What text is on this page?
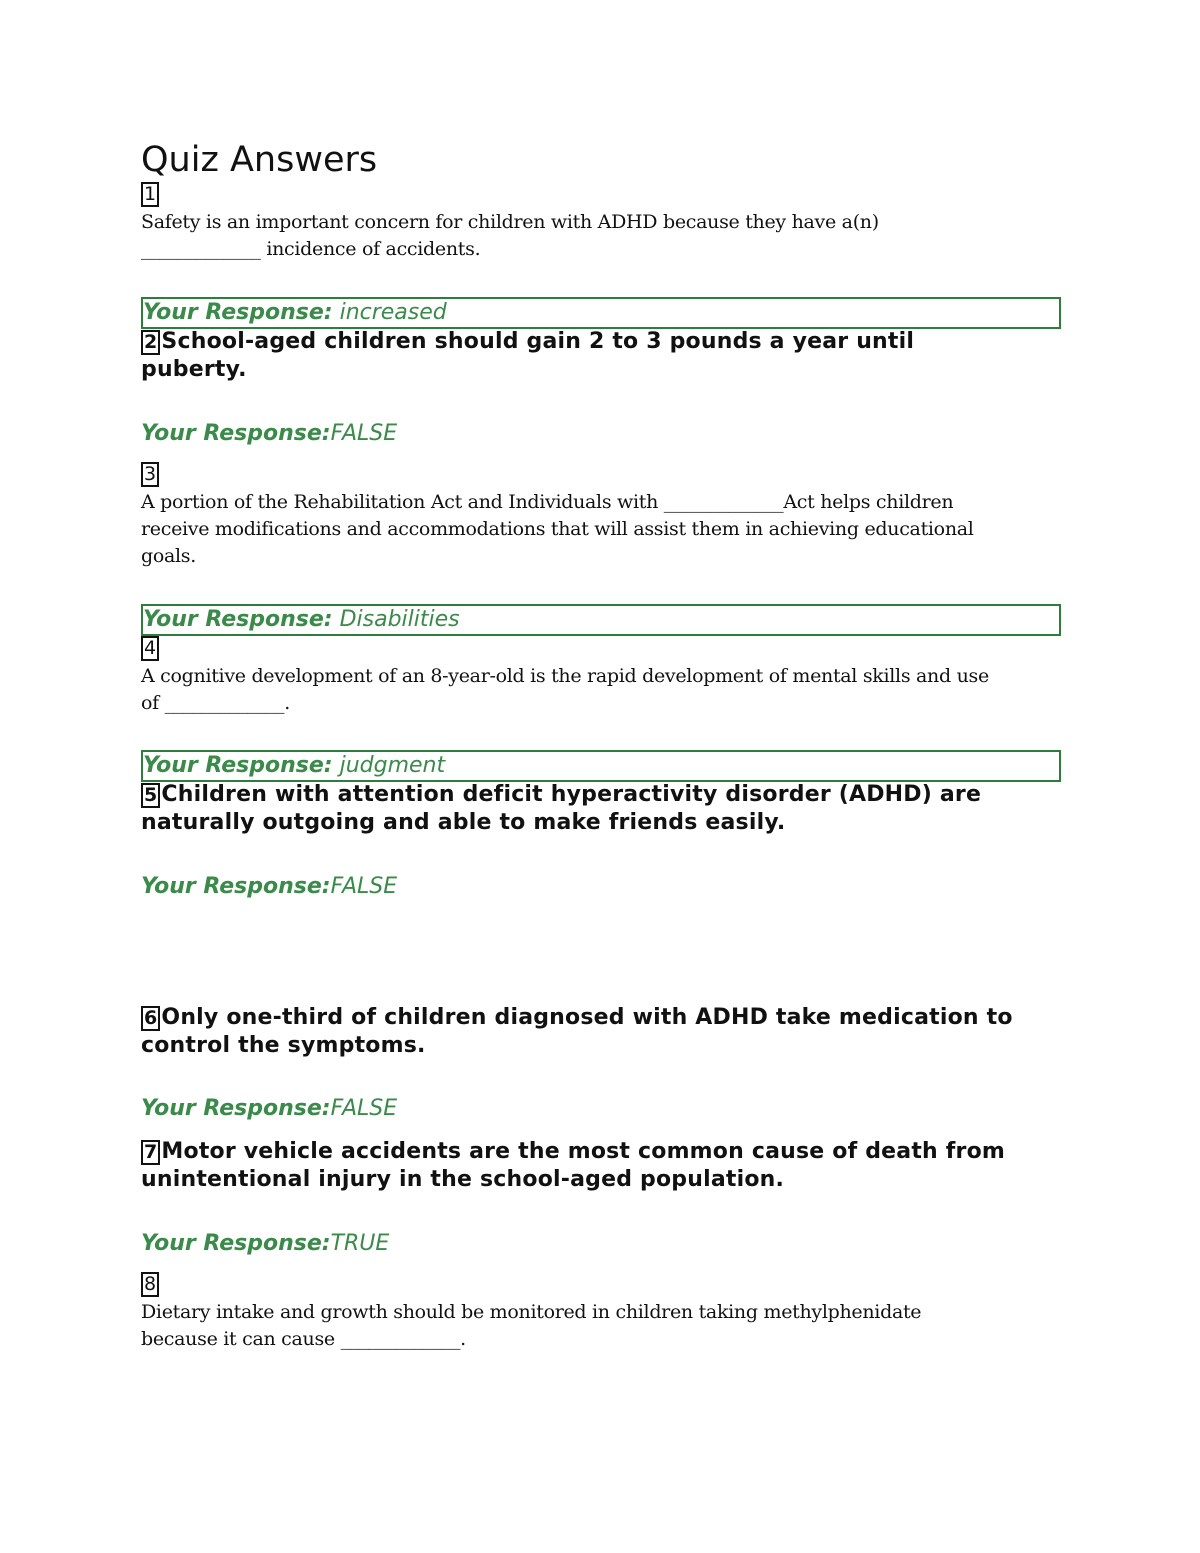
Quiz Answers
1
Safety is an important concern for children with ADHD because they have a(n)
_____________ incidence of accidents.
Your Response: increased
2 School-aged children should gain 2 to 3 pounds a year until
puberty.
Your Response:FALSE
3
A portion of the Rehabilitation Act and Individuals with _____________Act helps children
receive modifications and accommodations that will assist them in achieving educational
goals.
Your Response: Disabilities
4
A cognitive development of an 8-year-old is the rapid development of mental skills and use
of _____________.
Your Response: judgment
5 Children with attention deficit hyperactivity disorder (ADHD) are
naturally outgoing and able to make friends easily.
Your Response:FALSE
6 Only one-third of children diagnosed with ADHD take medication to
control the symptoms.
Your Response:FALSE
7 Motor vehicle accidents are the most common cause of death from
unintentional injury in the school-aged population.
Your Response:TRUE
8
Dietary intake and growth should be monitored in children taking methylphenidate
because it can cause _____________.
